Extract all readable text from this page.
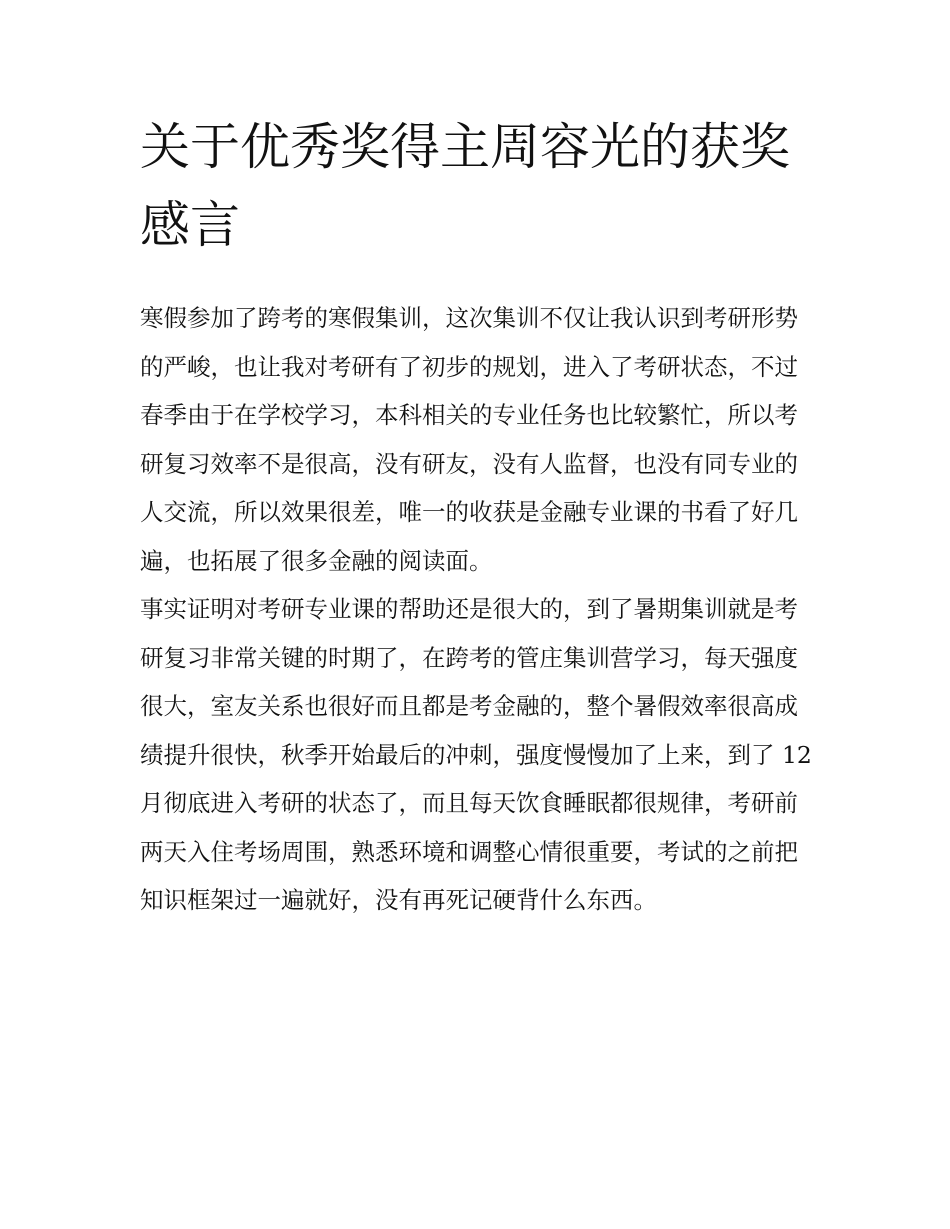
关于优秀奖得主周容光的获奖感言

寒假参加了跨考的寒假集训，这次集训不仅让我认识到考研形势的严峻，也让我对考研有了初步的规划，进入了考研状态，不过春季由于在学校学习，本科相关的专业任务也比较繁忙，所以考研复习效率不是很高，没有研友，没有人监督，也没有同专业的人交流，所以效果很差，唯一的收获是金融专业课的书看了好几遍，也拓展了很多金融的阅读面。

事实证明对考研专业课的帮助还是很大的，到了暑期集训就是考研复习非常关键的时期了，在跨考的管庄集训营学习，每天强度很大，室友关系也很好而且都是考金融的，整个暑假效率很高成绩提升很快，秋季开始最后的冲刺，强度慢慢加了上来，到了 12 月彻底进入考研的状态了，而且每天饮食睡眠都很规律，考研前两天入住考场周围，熟悉环境和调整心情很重要，考试的之前把知识框架过一遍就好，没有再死记硬背什么东西。
